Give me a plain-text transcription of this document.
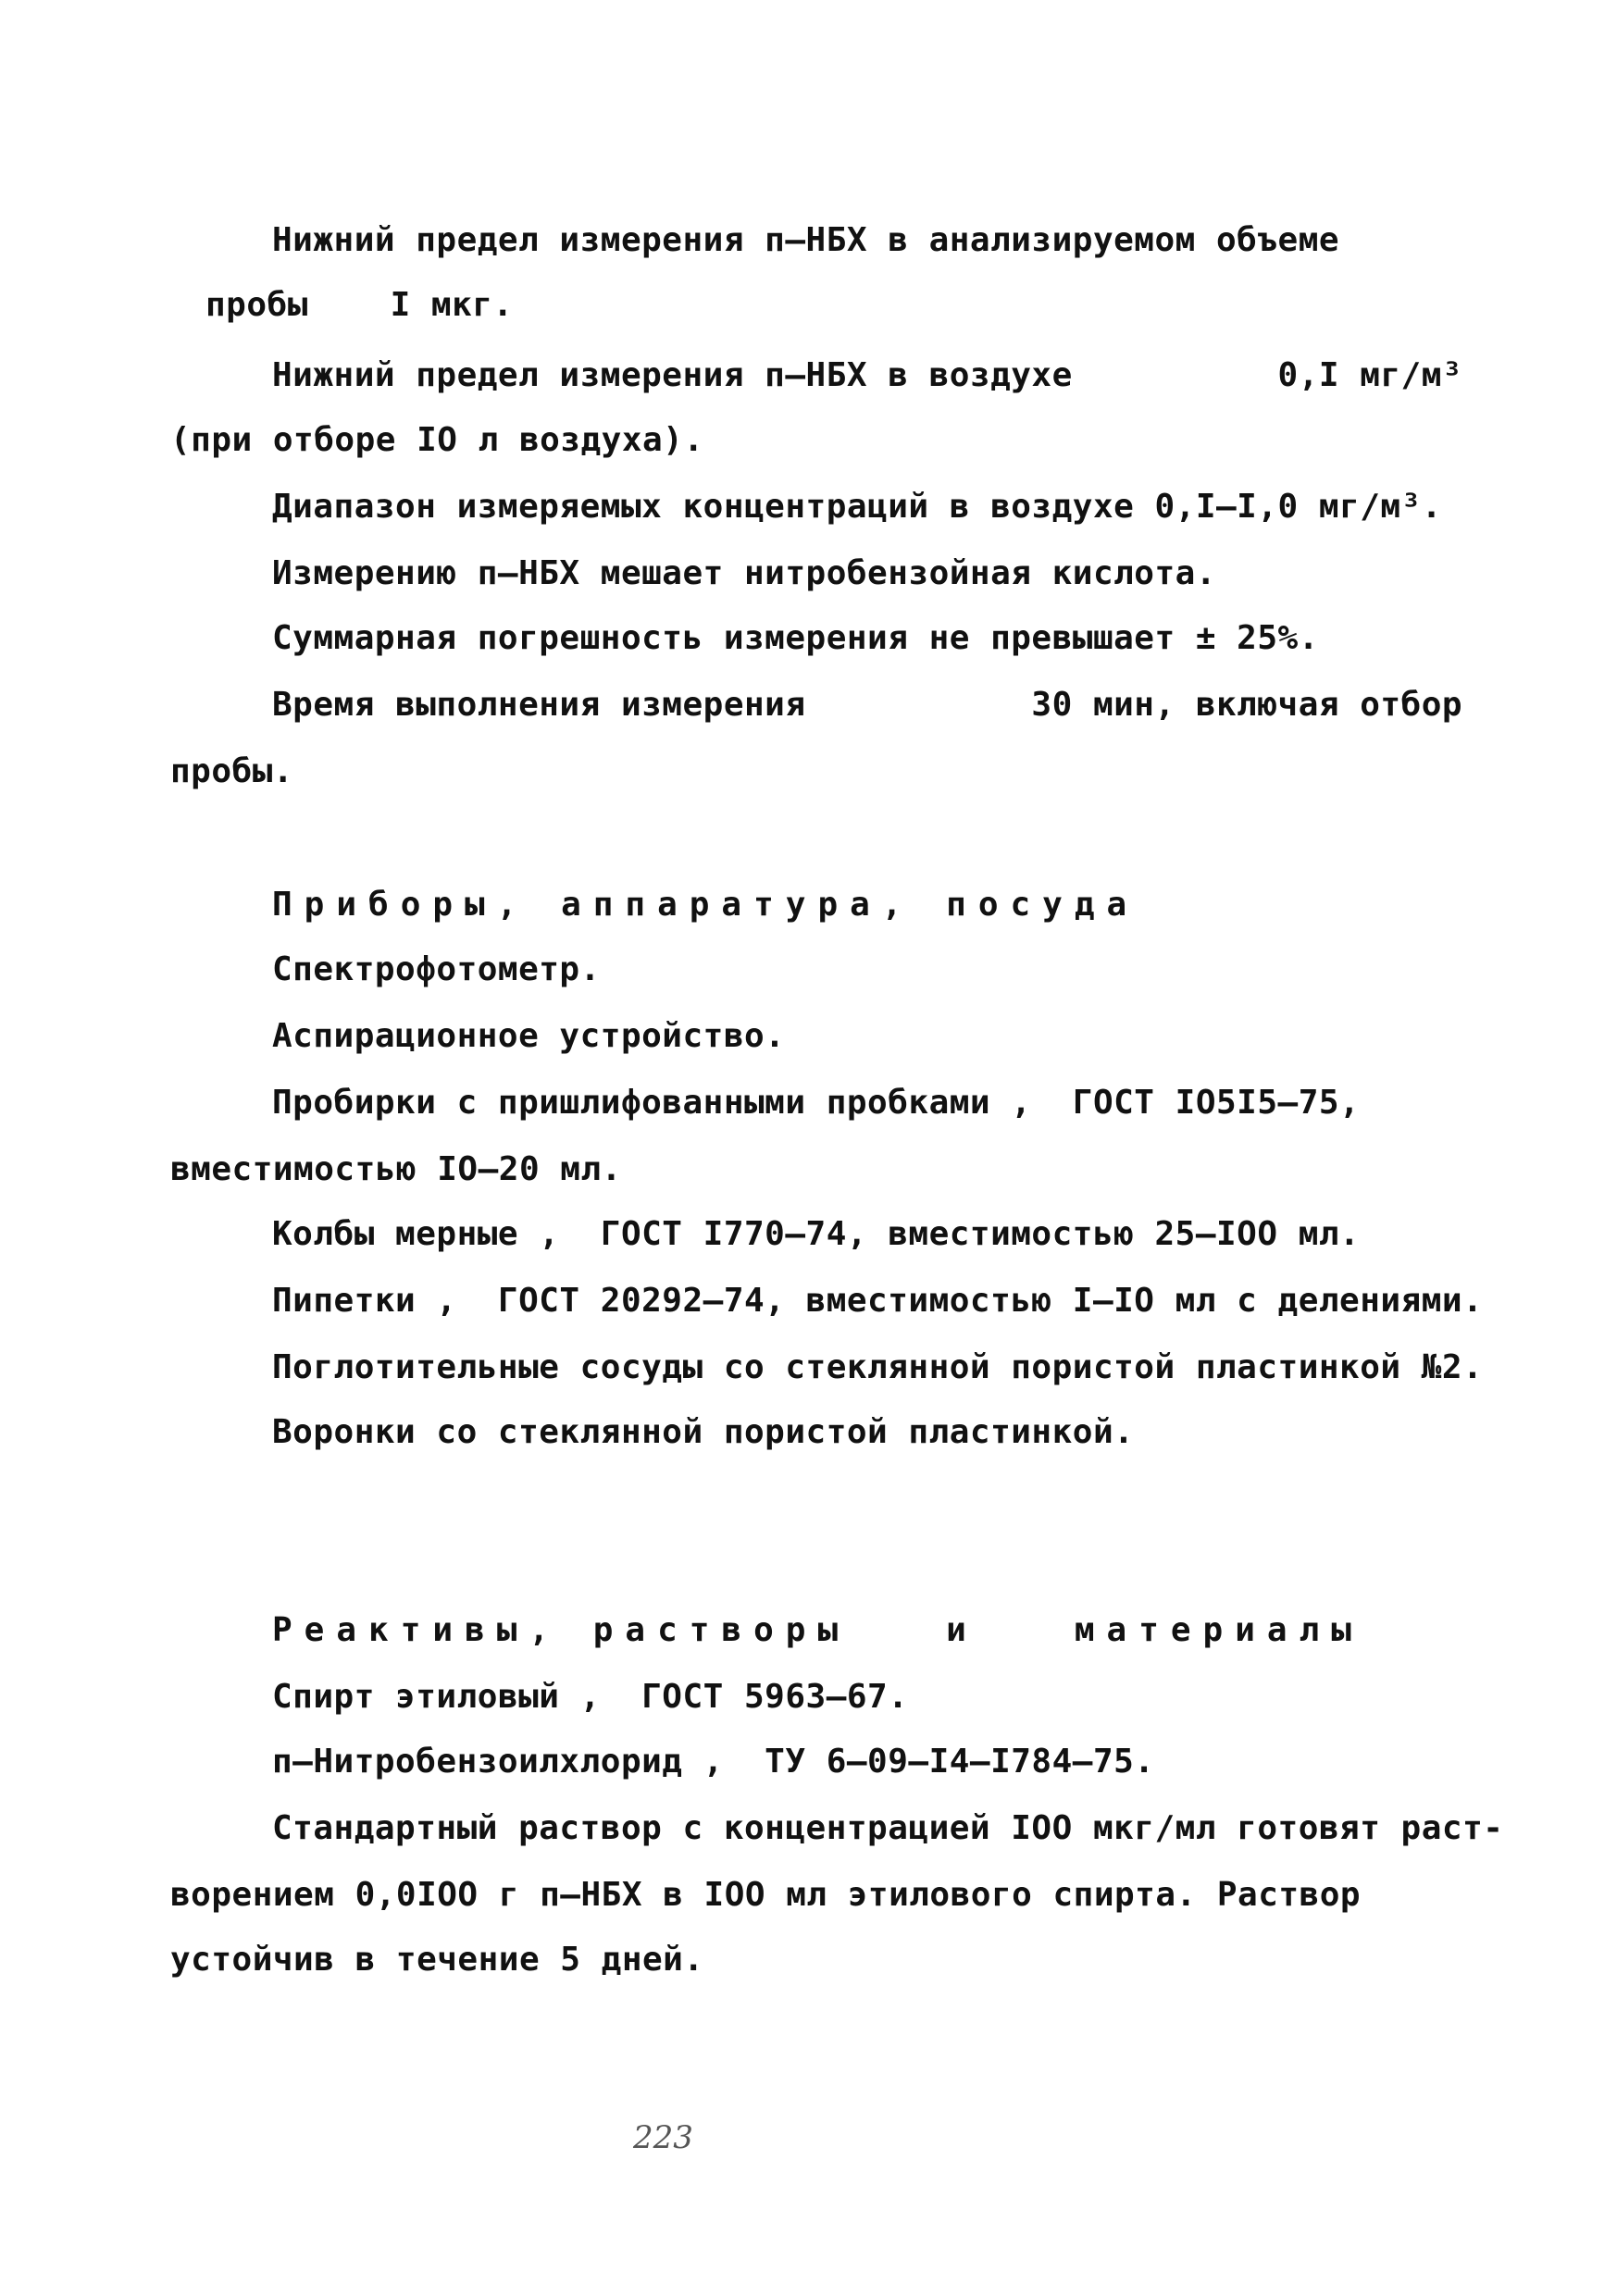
Нижний предел измерения п–НБХ в анализируемом объеме
пробы    I мкг.
Нижний предел измерения п–НБХ в воздухе          0,I мг/м³
(при отборе IO л воздуха).
Диапазон измеряемых концентраций в воздухе 0,I–I,0 мг/м³.
Измерению п–НБХ мешает нитробензойная кислота.
Суммарная погрешность измерения не превышает ± 25%.
Время выполнения измерения           30 мин, включая отбор
пробы.
Приборы, аппаратура, посуда
Спектрофотометр.
Аспирационное устройство.
Пробирки с пришлифованными пробками ,  ГОСТ IO5I5–75,
вместимостью IO–20 мл.
Колбы мерные ,  ГОСТ I770–74, вместимостью 25–IOO мл.
Пипетки ,  ГОСТ 20292–74, вместимостью I–IO мл с делениями.
Поглотительные сосуды со стеклянной пористой пластинкой №2.
Воронки со стеклянной пористой пластинкой.
Реактивы, растворы   и   материалы
Спирт этиловый ,  ГОСТ 5963–67.
п–Нитробензоилхлорид ,  ТУ 6–09–I4–I784–75.
Стандартный раствор с концентрацией IOO мкг/мл готовят раст-
ворением 0,0IOO г п–НБХ в IOO мл этилового спирта. Раствор
устойчив в течение 5 дней.
223
